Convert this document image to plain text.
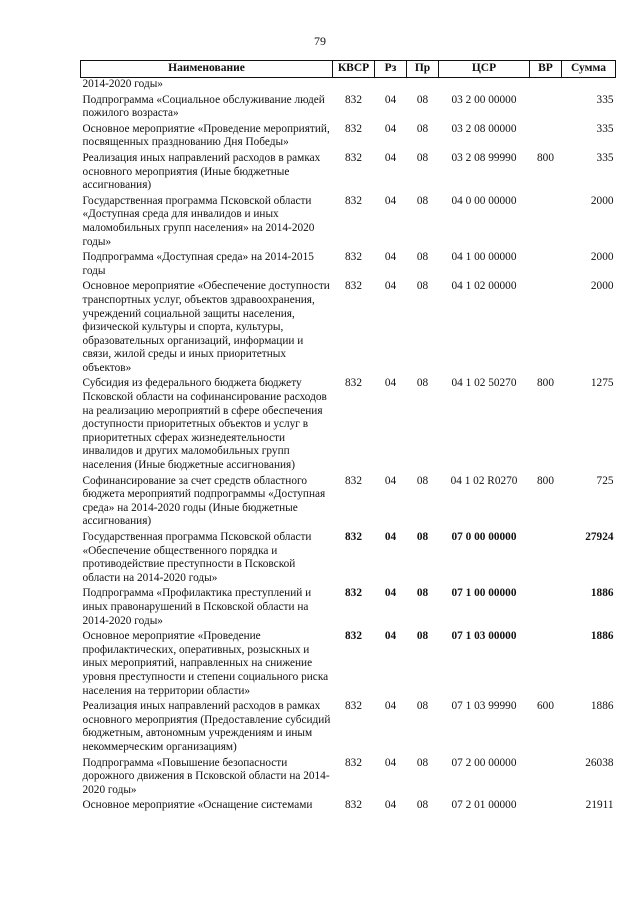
79
Наименование	КВСР	Рз	Пр	ЦСР	ВР	Сумма
2014-2020 годы»						
Подпрограмма «Социальное обслуживание людей пожилого возраста»	832	04	08	03 2 00 00000		335
Основное мероприятие «Проведение мероприятий, посвященных празднованию Дня Победы»	832	04	08	03 2 08 00000		335
Реализация иных направлений расходов в рамках основного мероприятия (Иные бюджетные ассигнования)	832	04	08	03 2 08 99990	800	335
Государственная программа Псковской области «Доступная среда для инвалидов и иных маломобильных групп населения» на 2014-2020 годы»	832	04	08	04 0 00 00000		2000
Подпрограмма «Доступная среда» на 2014-2015 годы	832	04	08	04 1 00 00000		2000
Основное мероприятие «Обеспечение доступности транспортных услуг, объектов здравоохранения, учреждений социальной защиты населения, физической культуры и спорта, культуры, образовательных организаций, информации и связи, жилой среды и иных приоритетных объектов»	832	04	08	04 1 02 00000		2000
Субсидия из федерального бюджета бюджету Псковской области на софинансирование расходов на реализацию мероприятий в сфере обеспечения доступности приоритетных объектов и услуг в приоритетных сферах жизнедеятельности инвалидов и других маломобильных групп населения (Иные бюджетные ассигнования)	832	04	08	04 1 02 50270	800	1275
Софинансирование за счет средств областного бюджета мероприятий подпрограммы «Доступная среда» на 2014-2020 годы (Иные бюджетные ассигнования)	832	04	08	04 1 02 R0270	800	725
Государственная программа Псковской области «Обеспечение общественного порядка и противодействие преступности в Псковской области на 2014-2020 годы»	832	04	08	07 0 00 00000		27924
Подпрограмма «Профилактика преступлений и иных правонарушений в Псковской области на 2014-2020 годы»	832	04	08	07 1 00 00000		1886
Основное мероприятие «Проведение профилактических, оперативных, розыскных и иных мероприятий, направленных на снижение уровня преступности и степени социального риска населения на территории области»	832	04	08	07 1 03 00000		1886
Реализация иных направлений расходов в рамках основного мероприятия (Предоставление субсидий бюджетным, автономным учреждениям и иным некоммерческим организациям)	832	04	08	07 1 03 99990	600	1886
Подпрограмма «Повышение безопасности дорожного движения в Псковской области на 2014-2020 годы»	832	04	08	07 2 00 00000		26038
Основное мероприятие «Оснащение системами	832	04	08	07 2 01 00000		21911
